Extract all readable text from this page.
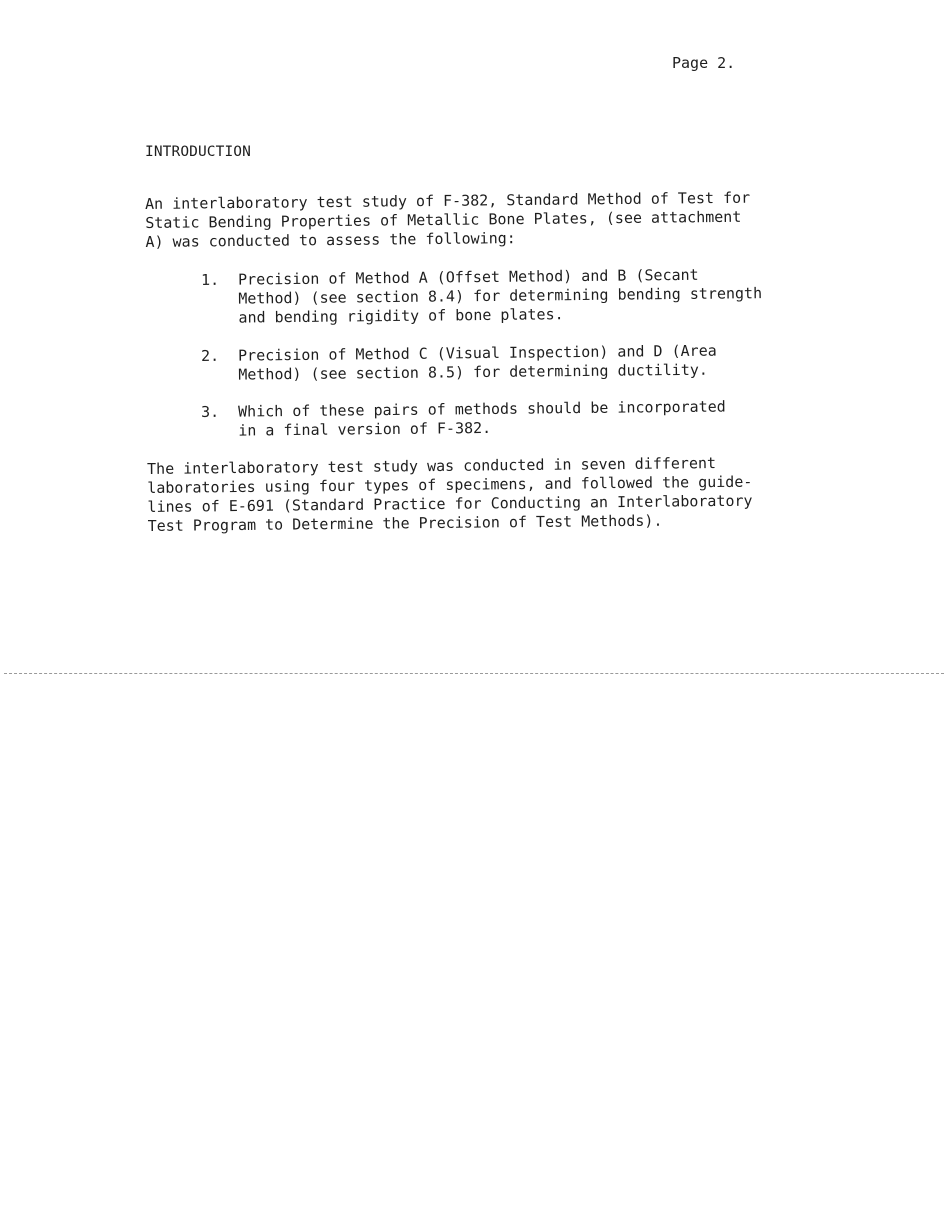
Page 2.
INTRODUCTION
An interlaboratory test study of F-382, Standard Method of Test for
Static Bending Properties of Metallic Bone Plates, (see attachment
A) was conducted to assess the following:
1. Precision of Method A (Offset Method) and B (Secant
Method) (see section 8.4) for determining bending strength
and bending rigidity of bone plates.
2. Precision of Method C (Visual Inspection) and D (Area
Method) (see section 8.5) for determining ductility.
3. Which of these pairs of methods should be incorporated
in a final version of F-382.
The interlaboratory test study was conducted in seven different
laboratories using four types of specimens, and followed the guide-
lines of E-691 (Standard Practice for Conducting an Interlaboratory
Test Program to Determine the Precision of Test Methods).
